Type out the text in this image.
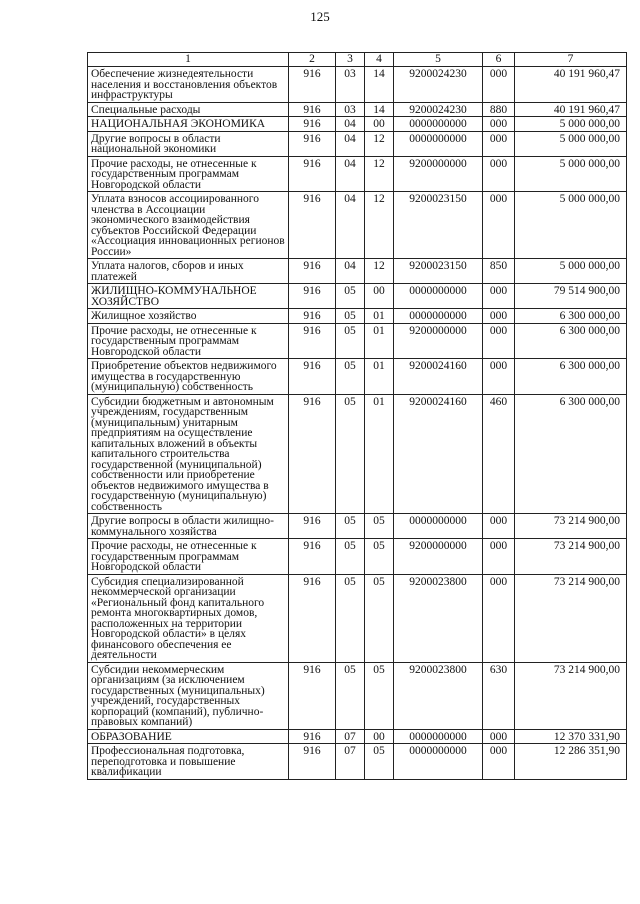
125
1	2	3	4	5	6	7
Обеспечение жизнедеятельности населения и восстановления объектов инфраструктуры	916	03	14	9200024230	000	40 191 960,47
Специальные расходы	916	03	14	9200024230	880	40 191 960,47
НАЦИОНАЛЬНАЯ ЭКОНОМИКА	916	04	00	0000000000	000	5 000 000,00
Другие вопросы в области национальной экономики	916	04	12	0000000000	000	5 000 000,00
Прочие расходы, не отнесенные к государственным программам Новгородской области	916	04	12	9200000000	000	5 000 000,00
Уплата взносов ассоциированного членства в Ассоциации экономического взаимодействия субъектов Российской Федерации «Ассоциация инновационных регионов России»	916	04	12	9200023150	000	5 000 000,00
Уплата налогов, сборов и иных платежей	916	04	12	9200023150	850	5 000 000,00
ЖИЛИЩНО-КОММУНАЛЬНОЕ ХОЗЯЙСТВО	916	05	00	0000000000	000	79 514 900,00
Жилищное хозяйство	916	05	01	0000000000	000	6 300 000,00
Прочие расходы, не отнесенные к государственным программам Новгородской области	916	05	01	9200000000	000	6 300 000,00
Приобретение объектов недвижимого имущества в государственную (муниципальную) собственность	916	05	01	9200024160	000	6 300 000,00
Субсидии бюджетным и автономным учреждениям, государственным (муниципальным) унитарным предприятиям на осуществление капитальных вложений в объекты капитального строительства государственной (муниципальной) собственности или приобретение объектов недвижимого имущества в государственную (муниципальную) собственность	916	05	01	9200024160	460	6 300 000,00
Другие вопросы в области жилищно-коммунального хозяйства	916	05	05	0000000000	000	73 214 900,00
Прочие расходы, не отнесенные к государственным программам Новгородской области	916	05	05	9200000000	000	73 214 900,00
Субсидия специализированной некоммерческой организации «Региональный фонд капитального ремонта многоквартирных домов, расположенных на территории Новгородской области» в целях финансового обеспечения ее деятельности	916	05	05	9200023800	000	73 214 900,00
Субсидии некоммерческим организациям (за исключением государственных (муниципальных) учреждений, государственных корпораций (компаний), публично-правовых компаний)	916	05	05	9200023800	630	73 214 900,00
ОБРАЗОВАНИЕ	916	07	00	0000000000	000	12 370 331,90
Профессиональная подготовка, переподготовка и повышение квалификации	916	07	05	0000000000	000	12 286 351,90
